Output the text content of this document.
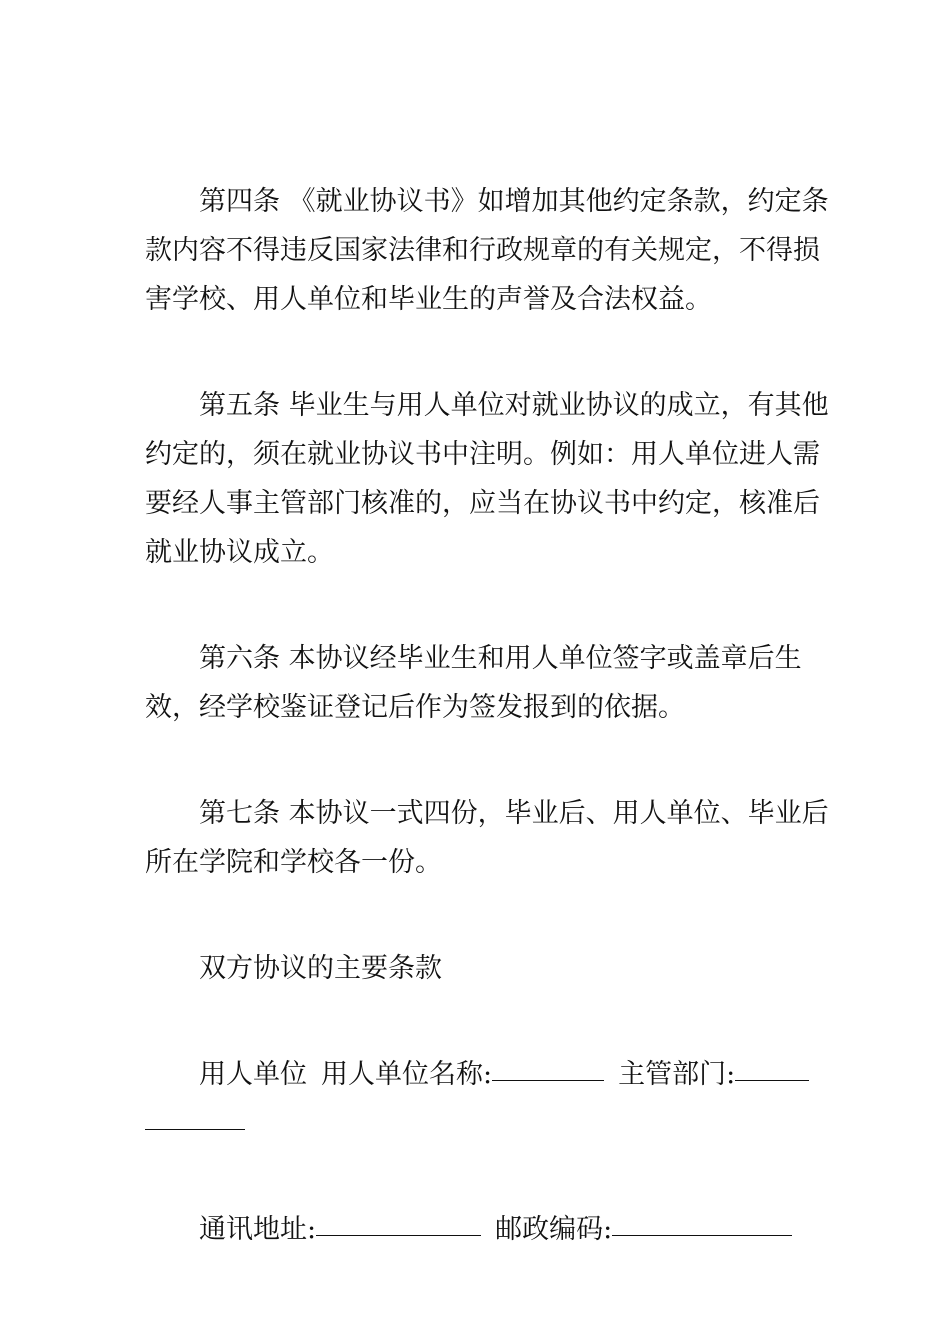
第四条 《就业协议书》如增加其他约定条款，约定条款内容不得违反国家法律和行政规章的有关规定，不得损害学校、用人单位和毕业生的声誉及合法权益。

第五条 毕业生与用人单位对就业协议的成立，有其他约定的，须在就业协议书中注明。例如：用人单位进人需要经人事主管部门核准的，应当在协议书中约定，核准后就业协议成立。

第六条 本协议经毕业生和用人单位签字或盖章后生效，经学校鉴证登记后作为签发报到的依据。

第七条 本协议一式四份，毕业后、用人单位、毕业后所在学院和学校各一份。

双方协议的主要条款

用人单位 用人单位名称:	主管部门:

通讯地址:	邮政编码:
